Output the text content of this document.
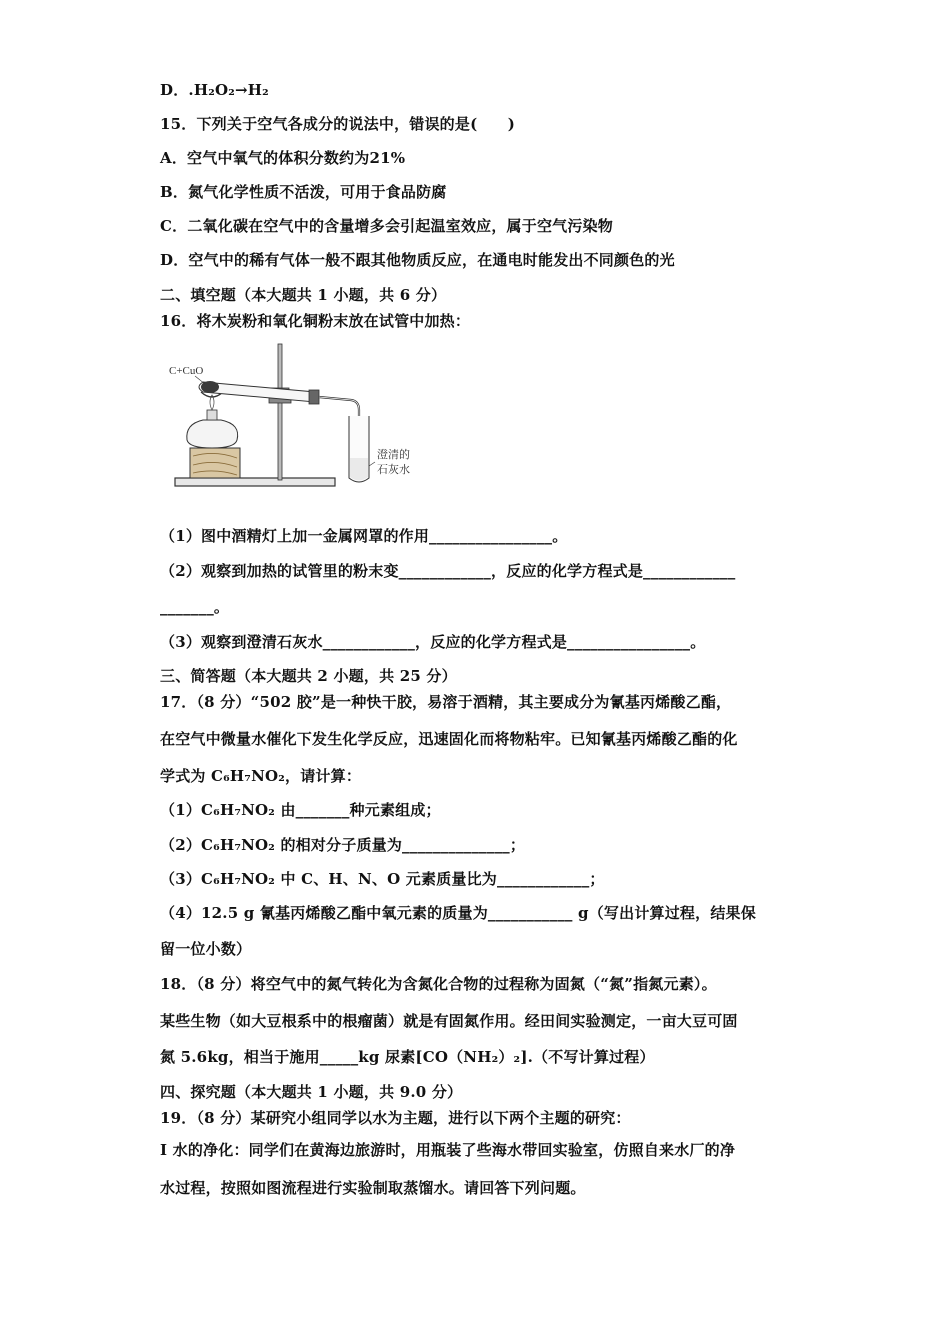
D．.H₂O₂→H₂
15．下列关于空气各成分的说法中，错误的是(　　)
A．空气中氧气的体积分数约为21%
B．氮气化学性质不活泼，可用于食品防腐
C．二氧化碳在空气中的含量增多会引起温室效应，属于空气污染物
D．空气中的稀有气体一般不跟其他物质反应，在通电时能发出不同颜色的光
二、填空题（本大题共 1 小题，共 6 分）
16．将木炭粉和氧化铜粉末放在试管中加热：
C+CuO
澄清的
石灰水
（1）图中酒精灯上加一金属网罩的作用________________。
（2）观察到加热的试管里的粉末变____________，反应的化学方程式是____________
_______。
（3）观察到澄清石灰水____________，反应的化学方程式是________________。
三、简答题（本大题共 2 小题，共 25 分）
17．（8 分）“502 胶”是一种快干胶，易溶于酒精，其主要成分为氰基丙烯酸乙酯，
在空气中微量水催化下发生化学反应，迅速固化而将物粘牢。已知氰基丙烯酸乙酯的化
学式为 C₆H₇NO₂，请计算：
（1）C₆H₇NO₂ 由_______种元素组成；
（2）C₆H₇NO₂ 的相对分子质量为______________；
（3）C₆H₇NO₂ 中 C、H、N、O 元素质量比为____________；
（4）12.5 g 氰基丙烯酸乙酯中氧元素的质量为___________ g（写出计算过程，结果保
留一位小数）
18．（8 分）将空气中的氮气转化为含氮化合物的过程称为固氮（“氮”指氮元素）。
某些生物（如大豆根系中的根瘤菌）就是有固氮作用。经田间实验测定，一亩大豆可固
氮 5.6kg，相当于施用_____kg 尿素[CO（NH₂）₂].（不写计算过程）
四、探究题（本大题共 1 小题，共 9.0 分）
19．（8 分）某研究小组同学以水为主题，进行以下两个主题的研究：
I 水的净化：同学们在黄海边旅游时，用瓶装了些海水带回实验室，仿照自来水厂的净
水过程，按照如图流程进行实验制取蒸馏水。请回答下列问题。
